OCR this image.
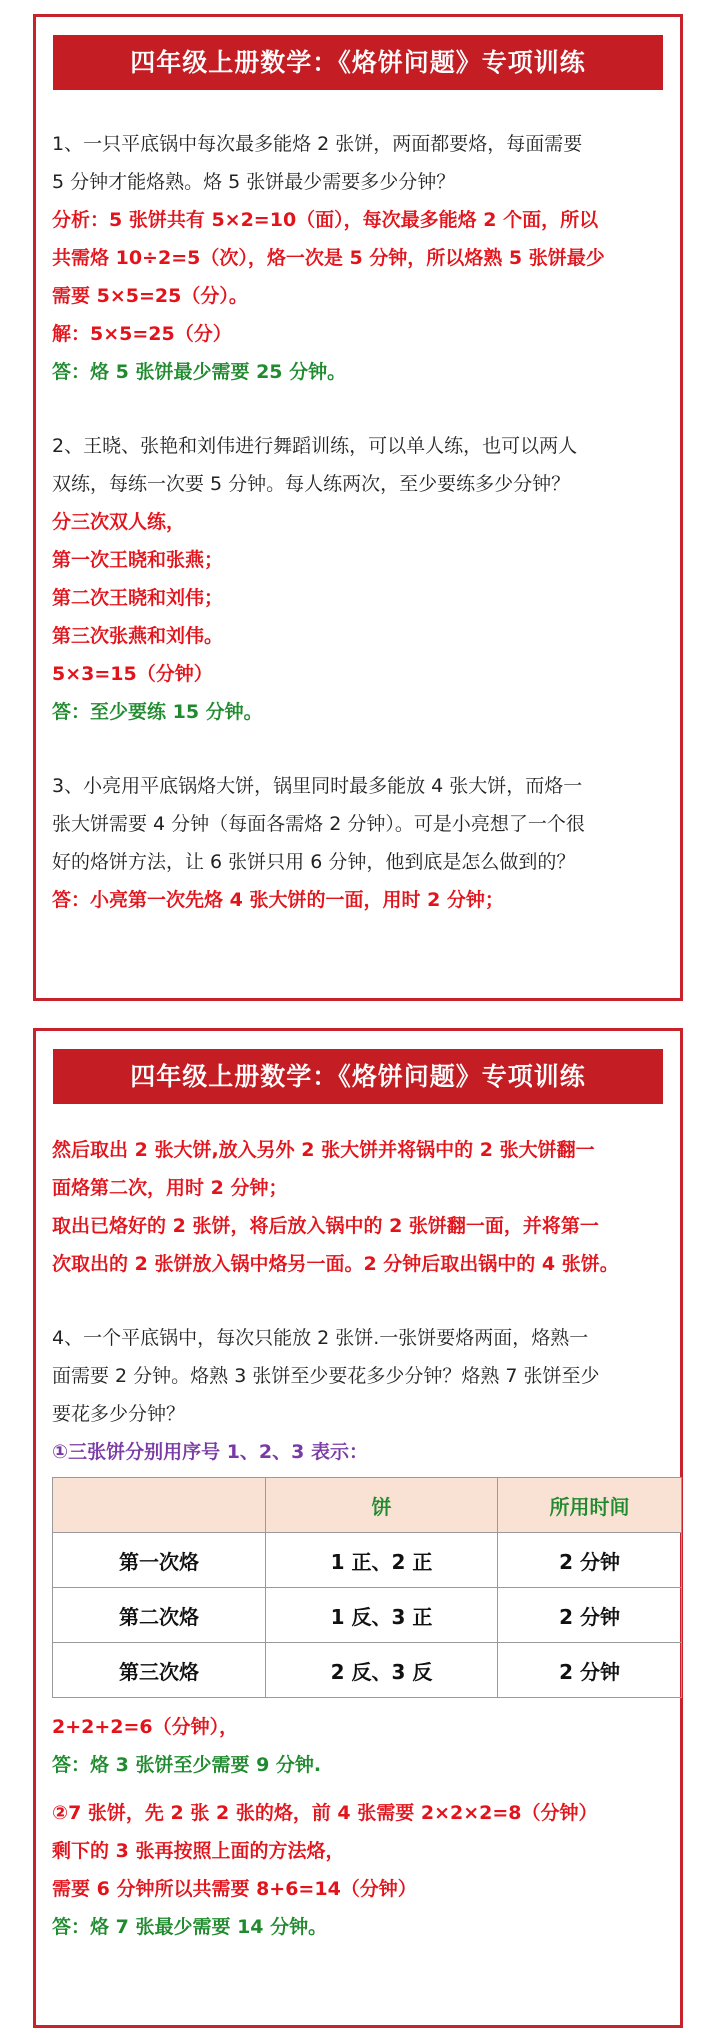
四年级上册数学：《烙饼问题》专项训练
1、一只平底锅中每次最多能烙 2 张饼，两面都要烙，每面需要
5 分钟才能烙熟。烙 5 张饼最少需要多少分钟？
分析：5 张饼共有 5×2=10（面），每次最多能烙 2 个面，所以
共需烙 10÷2=5（次），烙一次是 5 分钟，所以烙熟 5 张饼最少
需要 5×5=25（分）。
解：5×5=25（分）
答：烙 5 张饼最少需要 25 分钟。
2、王晓、张艳和刘伟进行舞蹈训练，可以单人练，也可以两人
双练，每练一次要 5 分钟。每人练两次，至少要练多少分钟？
分三次双人练，
第一次王晓和张燕；
第二次王晓和刘伟；
第三次张燕和刘伟。
5×3=15（分钟）
答：至少要练 15 分钟。
3、小亮用平底锅烙大饼，锅里同时最多能放 4 张大饼，而烙一
张大饼需要 4 分钟（每面各需烙 2 分钟）。可是小亮想了一个很
好的烙饼方法，让 6 张饼只用 6 分钟，他到底是怎么做到的？
答：小亮第一次先烙 4 张大饼的一面，用时 2 分钟；
四年级上册数学：《烙饼问题》专项训练
然后取出 2 张大饼,放入另外 2 张大饼并将锅中的 2 张大饼翻一
面烙第二次，用时 2 分钟；
取出已烙好的 2 张饼，将后放入锅中的 2 张饼翻一面，并将第一
次取出的 2 张饼放入锅中烙另一面。2 分钟后取出锅中的 4 张饼。
4、一个平底锅中，每次只能放 2 张饼.一张饼要烙两面，烙熟一
面需要 2 分钟。烙熟 3 张饼至少要花多少分钟？烙熟 7 张饼至少
要花多少分钟？
①三张饼分别用序号 1、2、3 表示：
	饼	所用时间
第一次烙	1 正、2 正	2 分钟
第二次烙	1 反、3 正	2 分钟
第三次烙	2 反、3 反	2 分钟
2+2+2=6（分钟），
答：烙 3 张饼至少需要 9 分钟.
②7 张饼，先 2 张 2 张的烙，前 4 张需要 2×2×2=8（分钟）
剩下的 3 张再按照上面的方法烙，
需要 6 分钟所以共需要 8+6=14（分钟）
答：烙 7 张最少需要 14 分钟。
